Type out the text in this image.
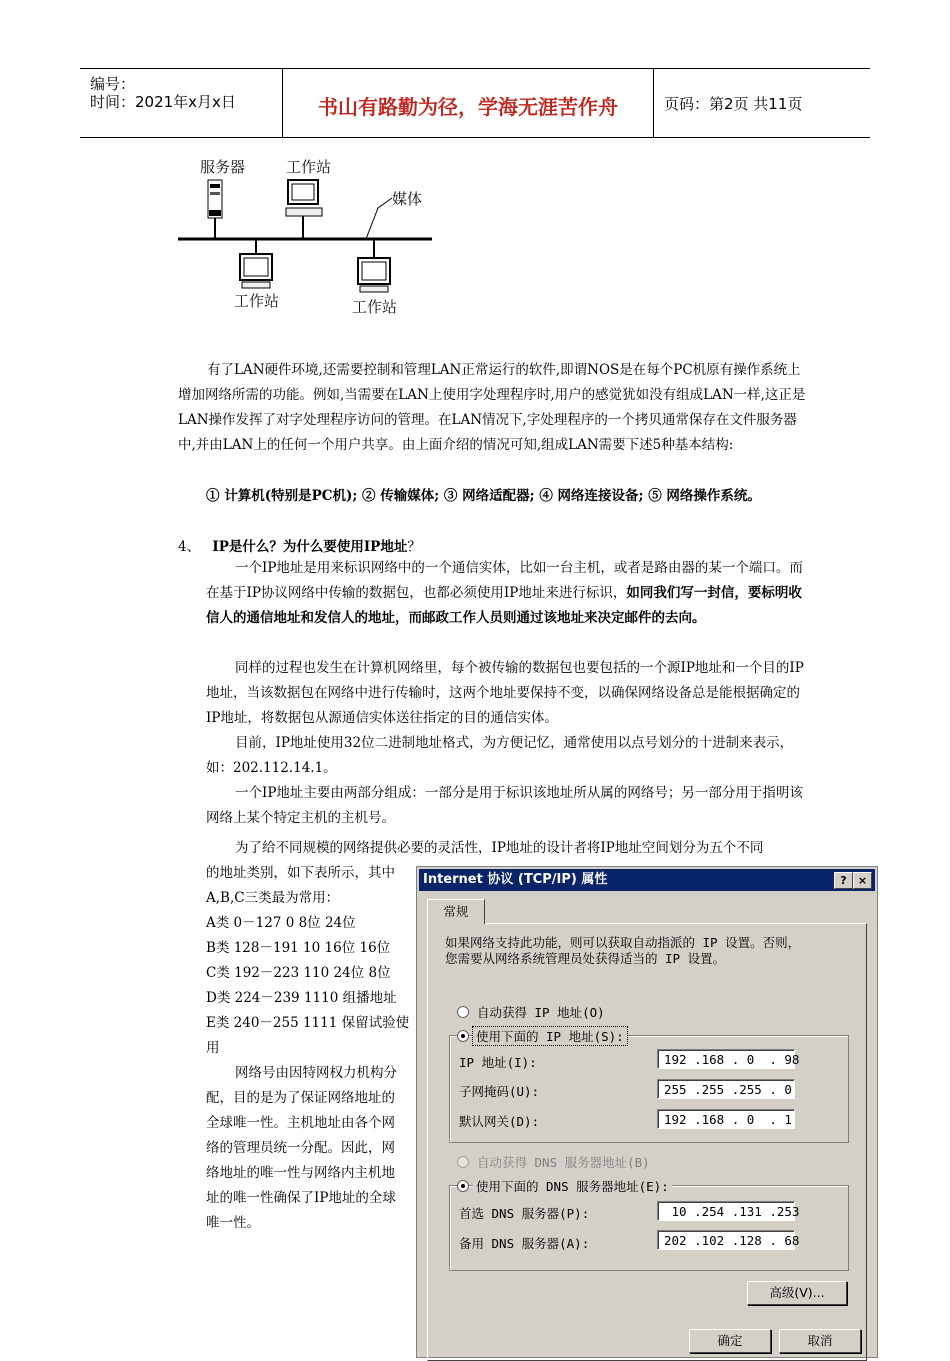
编号：
时间：2021年x月x日	书山有路勤为径，学海无涯苦作舟	页码：第2页 共11页
服务器	工作站
媒体
工作站	工作站
有了LAN硬件环境,还需要控制和管理LAN正常运行的软件,即谓NOS是在每个PC机原有操作系统上增加网络所需的功能。例如,当需要在LAN上使用字处理程序时,用户的感觉犹如没有组成LAN一样,这正是LAN操作发挥了对字处理程序访问的管理。在LAN情况下,字处理程序的一个拷贝通常保存在文件服务器中,并由LAN上的任何一个用户共享。由上面介绍的情况可知,组成LAN需要下述5种基本结构:
① 计算机(特别是PC机); ② 传输媒体; ③ 网络适配器; ④ 网络连接设备; ⑤ 网络操作系统。
4、 IP是什么？为什么要使用IP地址？
一个IP地址是用来标识网络中的一个通信实体，比如一台主机，或者是路由器的某一个端口。而在基于IP协议网络中传输的数据包，也都必须使用IP地址来进行标识，如同我们写一封信，要标明收信人的通信地址和发信人的地址，而邮政工作人员则通过该地址来决定邮件的去向。
同样的过程也发生在计算机网络里，每个被传输的数据包也要包括的一个源IP地址和一个目的IP地址，当该数据包在网络中进行传输时，这两个地址要保持不变，以确保网络设备总是能根据确定的IP地址，将数据包从源通信实体送往指定的目的通信实体。
目前，IP地址使用32位二进制地址格式，为方便记忆，通常使用以点号划分的十进制来表示，如：202.112.14.1。
一个IP地址主要由两部分组成：一部分是用于标识该地址所从属的网络号；另一部分用于指明该网络上某个特定主机的主机号。
为了给不同规模的网络提供必要的灵活性，IP地址的设计者将IP地址空间划分为五个不同
的地址类别，如下表所示，其中
A,B,C三类最为常用：
A类 0－127 0 8位 24位
B类 128－191 10 16位 16位
C类 192－223 110 24位 8位
D类 224－239 1110 组播地址
E类 240－255 1111 保留试验使
用
网络号由因特网权力机构分
配，目的是为了保证网络地址的
全球唯一性。主机地址由各个网
络的管理员统一分配。因此，网
络地址的唯一性与网络内主机地
址的唯一性确保了IP地址的全球
唯一性。
Internet 协议 (TCP/IP) 属性	?	×
常规
如果网络支持此功能，则可以获取自动指派的 IP 设置。否则，
您需要从网络系统管理员处获得适当的 IP 设置。
自动获得 IP 地址(O)
使用下面的 IP 地址(S):
IP 地址(I):	192 .168 . 0  . 98
子网掩码(U):	255 .255 .255 . 0
默认网关(D):	192 .168 . 0  . 1
自动获得 DNS 服务器地址(B)
使用下面的 DNS 服务器地址(E):
首选 DNS 服务器(P):	10 .254 .131 .253
备用 DNS 服务器(A):	202 .102 .128 . 68
高级(V)...
确定	取消
